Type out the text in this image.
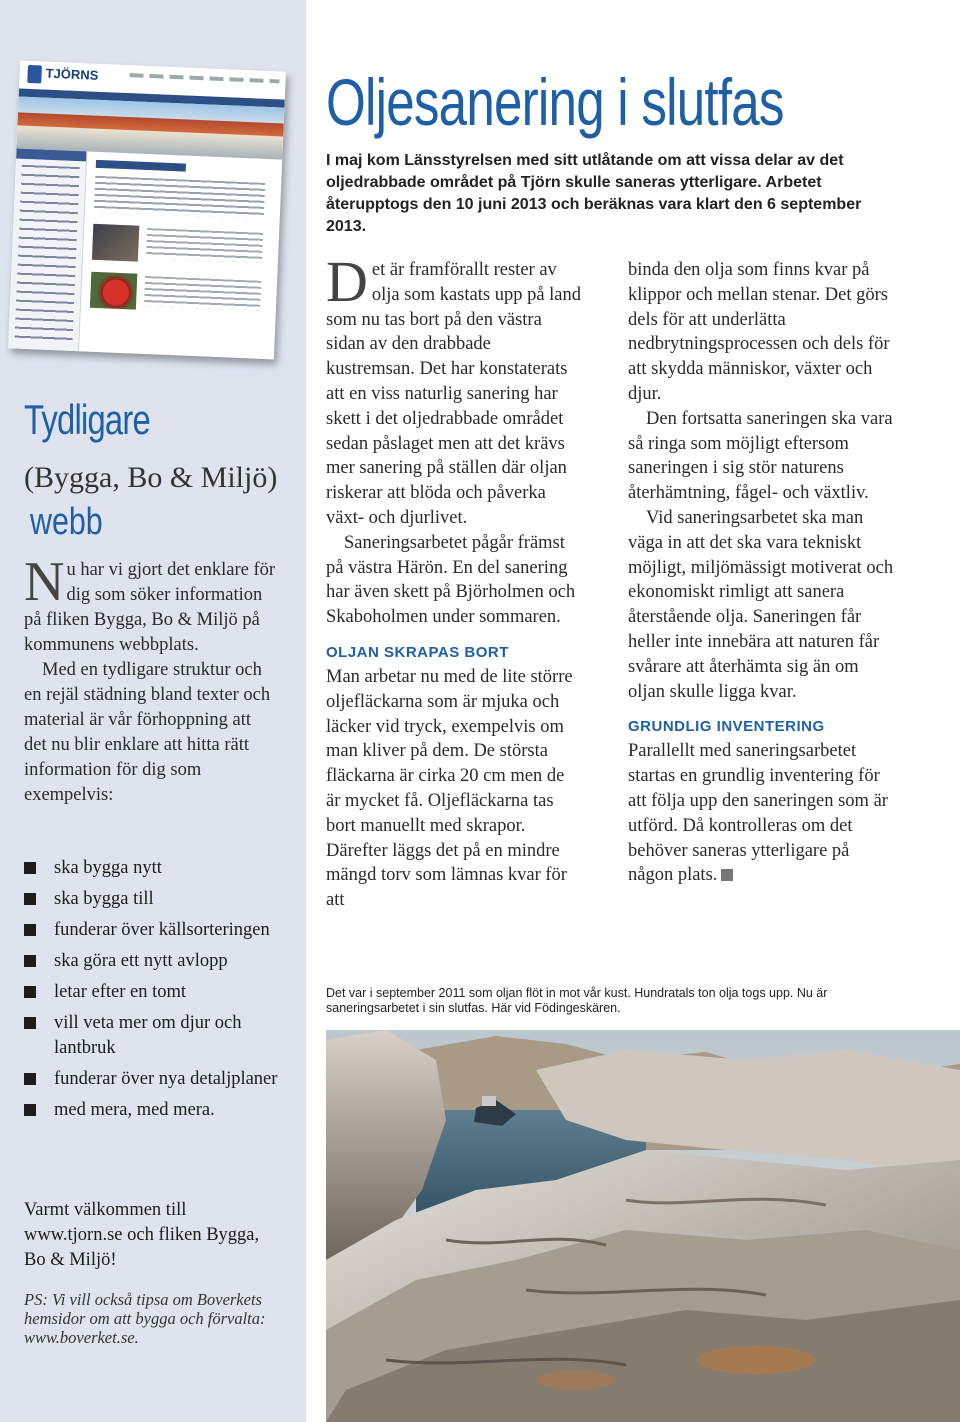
TJÖRNS
Tydligare

(Bygga, Bo & Miljö)webb

Nu har vi gjort det enklare för dig som söker information på fliken Bygga, Bo & Miljö på kommunens webbplats.

Med en tydligare struktur och en rejäl städning bland texter och material är vår förhoppning att det nu blir enklare att hitta rätt information för dig som exempelvis:

ska bygga nytt
ska bygga till
funderar över källsorteringen
ska göra ett nytt avlopp
letar efter en tomt
vill veta mer om djur och lantbruk
funderar över nya detaljplaner
med mera, med mera.

Varmt välkommen till www.tjorn.se och fliken Bygga, Bo & Miljö!

PS: Vi vill också tipsa om Boverkets hemsidor om att bygga och förvalta: www.boverket.se.

Oljesanering i slutfas

I maj kom Länsstyrelsen med sitt utlåtande om att vissa delar av det oljedrabbade området på Tjörn skulle saneras ytterligare. Arbetet återupptogs den 10 juni 2013 och beräknas vara klart den 6 september 2013.

Det är framförallt rester av olja som kastats upp på land som nu tas bort på den västra sidan av den drabbade kustremsan. Det har konstaterats att en viss naturlig sanering har skett i det oljedrabbade området sedan påslaget men att det krävs mer sanering på ställen där oljan riskerar att blöda och påverka växt- och djurlivet.

Saneringsarbetet pågår främst på västra Härön. En del sanering har även skett på Björholmen och Skaboholmen under sommaren.

OLJAN SKRAPAS BORT

Man arbetar nu med de lite större oljefläckarna som är mjuka och läcker vid tryck, exempelvis om man kliver på dem. De största fläckarna är cirka 20 cm men de är mycket få. Oljefläckarna tas bort manuellt med skrapor. Därefter läggs det på en mindre mängd torv som lämnas kvar för att

binda den olja som finns kvar på klippor och mellan stenar. Det görs dels för att underlätta nedbrytningsprocessen och dels för att skydda människor, växter och djur.

Den fortsatta saneringen ska vara så ringa som möjligt eftersom saneringen i sig stör naturens återhämtning, fågel- och växtliv.

Vid saneringsarbetet ska man väga in att det ska vara tekniskt möjligt, miljömässigt motiverat och ekonomiskt rimligt att sanera återstående olja. Saneringen får heller inte innebära att naturen får svårare att återhämta sig än om oljan skulle ligga kvar.

GRUNDLIG INVENTERING

Parallellt med saneringsarbetet startas en grundlig inventering för att följa upp den saneringen som är utförd. Då kontrolleras om det behöver saneras ytterligare på någon plats.

Det var i september 2011 som oljan flöt in mot vår kust. Hundratals ton olja togs upp. Nu är saneringsarbetet i sin slutfas. Här vid Födingeskären.
